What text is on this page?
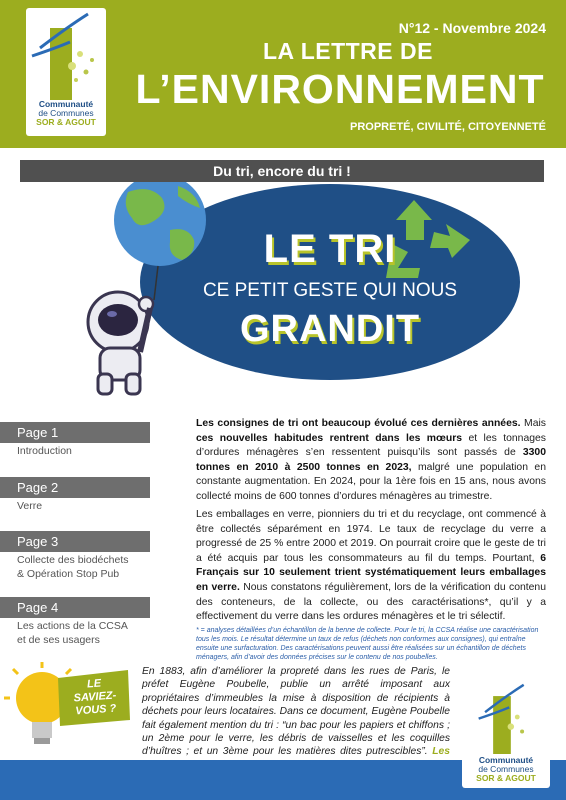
Communauté
de Communes
SOR & AGOUT
N°12 - Novembre 2024
LA LETTRE DE
L’ENVIRONNEMENT
PROPRETÉ, CIVILITÉ, CITOYENNETÉ
Du tri, encore du tri !
LE TRI
CE PETIT GESTE QUI NOUS
GRANDIT
Page 1
Introduction
Page 2
Verre
Page 3
Collecte des biodéchets
& Opération Stop Pub
Page 4
Les actions de la CCSA
et de ses usagers
Les consignes de tri ont beaucoup évolué ces dernières années. Mais ces nouvelles habitudes rentrent dans les mœurs et les tonnages d’ordures ménagères s’en ressentent puisqu’ils sont passés de 3300 tonnes en 2010 à 2500 tonnes en 2023, malgré une population en constante augmentation. En 2024, pour la 1ère fois en 15 ans, nous avons collecté moins de 600 tonnes d’ordures ménagères au trimestre.
Les emballages en verre, pionniers du tri et du recyclage, ont commencé à être collectés séparément en 1974. Le taux de recyclage du verre a progressé de 25 % entre 2000 et 2019. On pourrait croire que le geste de tri a été acquis par tous les consommateurs au fil du temps. Pourtant, 6 Français sur 10 seulement trient systématiquement leurs emballages en verre. Nous constatons régulièrement, lors de la vérification du contenu des conteneurs, de la collecte, ou des caractérisations*, qu’il y a effectivement du verre dans les ordures ménagères et le tri sélectif.
* = analyses détaillées d’un échantillon de la benne de collecte. Pour le tri, la CCSA réalise une caractérisation tous les mois. Le résultat détermine un taux de refus (déchets non conformes aux consignes), qui entraîne ensuite une surfacturation. Des caractérisations peuvent aussi être réalisées sur un échantillon de déchets ménagers, afin d’avoir des données précises sur le contenu de nos poubelles.
LE
SAVIEZ-
VOUS ?
En 1883, afin d’améliorer la propreté dans les rues de Paris, le préfet Eugène Poubelle, publie un arrêté imposant aux propriétaires d’immeubles la mise à disposition de récipients à déchets pour leurs locataires. Dans ce document, Eugène Poubelle fait également mention du tri : “un bac pour les papiers et chiffons ; un 2ème pour le verre, les débris de vaisselles et les coquilles d’huîtres ; et un 3ème pour les matières dites putrescibles”. Les
Communauté
de Communes
SOR & AGOUT
